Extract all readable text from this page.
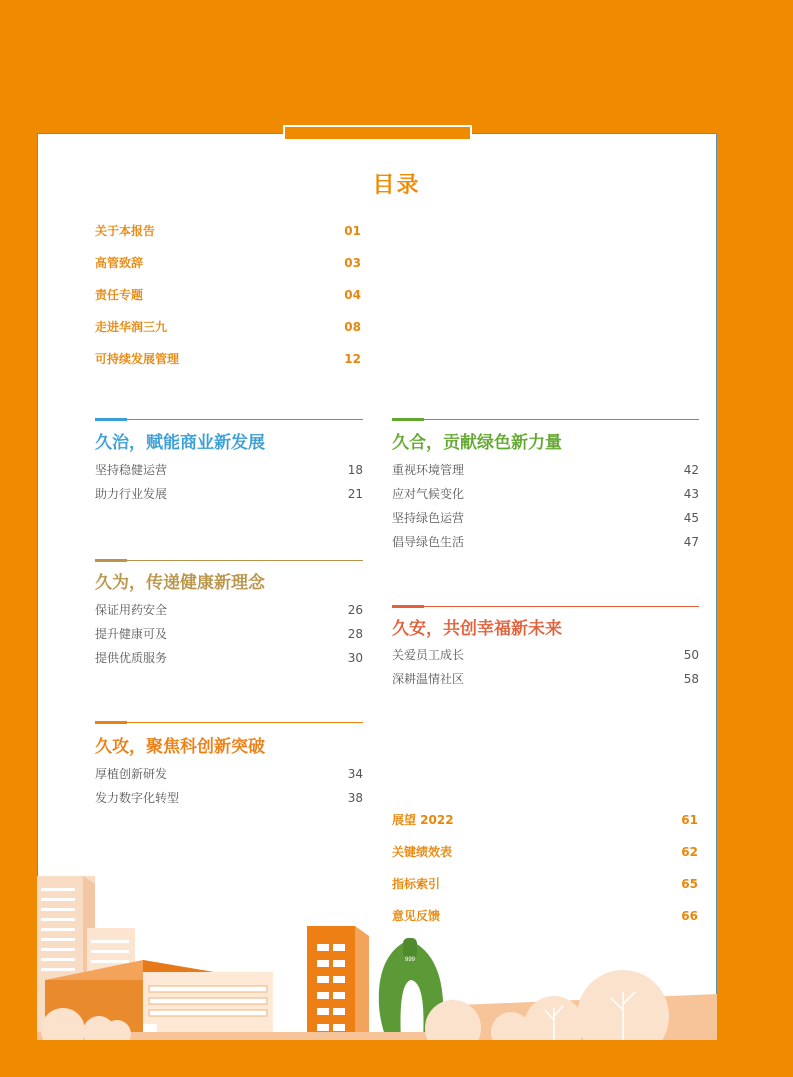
目录
关于本报告	01
高管致辞	03
责任专题	04
走进华润三九	08
可持续发展管理	12
久治，赋能商业新发展
坚持稳健运营	18
助力行业发展	21
久为，传递健康新理念
保证用药安全	26
提升健康可及	28
提供优质服务	30
久攻，聚焦科创新突破
厚植创新研发	34
发力数字化转型	38
久合，贡献绿色新力量
重视环境管理	42
应对气候变化	43
坚持绿色运营	45
倡导绿色生活	47
久安，共创幸福新未来
关爱员工成长	50
深耕温情社区	58
展望 2022	61
关键绩效表	62
指标索引	65
意见反馈	66
999
